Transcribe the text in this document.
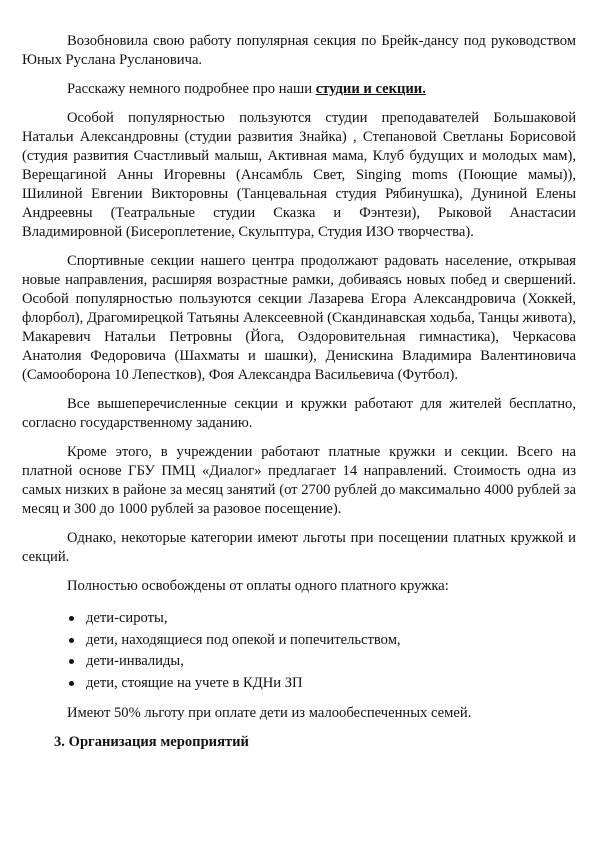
Возобновила свою работу популярная секция по Брейк-дансу под руководством Юных Руслана Руслановича.

Расскажу немного подробнее про наши студии и секции.

Особой популярностью пользуются студии преподавателей Большаковой Натальи Александровны (студии развития Знайка) , Степановой Светланы Борисовой (студия развития Счастливый малыш, Активная мама, Клуб будущих и молодых мам), Верещагиной Анны Игоревны (Ансамбль Свет, Singing moms (Поющие мамы)), Шилиной Евгении Викторовны (Танцевальная студия Рябинушка), Дуниной Елены Андреевны (Театральные студии Сказка и Фэнтези), Рыковой Анастасии Владимировной (Бисероплетение, Скульптура, Студия ИЗО творчества).

Спортивные секции нашего центра продолжают радовать население, открывая новые направления, расширяя возрастные рамки, добиваясь новых побед и свершений. Особой популярностью пользуются секции Лазарева Егора Александровича (Хоккей, флорбол), Драгомирецкой Татьяны Алексеевной (Скандинавская ходьба, Танцы живота), Макаревич Натальи Петровны (Йога, Оздоровительная гимнастика), Черкасова Анатолия Федоровича (Шахматы и шашки), Денискина Владимира Валентиновича (Самооборона 10 Лепестков), Фоя Александра Васильевича (Футбол).

Все вышеперечисленные секции и кружки работают для жителей бесплатно, согласно государственному заданию.

Кроме этого, в учреждении работают платные кружки и секции. Всего на платной основе ГБУ ПМЦ «Диалог» предлагает 14 направлений. Стоимость одна из самых низких в районе за месяц занятий (от 2700 рублей до максимально 4000 рублей за месяц и 300 до 1000 рублей за разовое посещение).

Однако, некоторые категории имеют льготы при посещении платных кружкой и секций.

Полностью освобождены от оплаты одного платного кружка:

дети-сироты,
дети, находящиеся под опекой и попечительством,
дети-инвалиды,
дети, стоящие на учете в КДНи ЗП

Имеют 50% льготу при оплате дети из малообеспеченных семей.

3. Организация мероприятий
